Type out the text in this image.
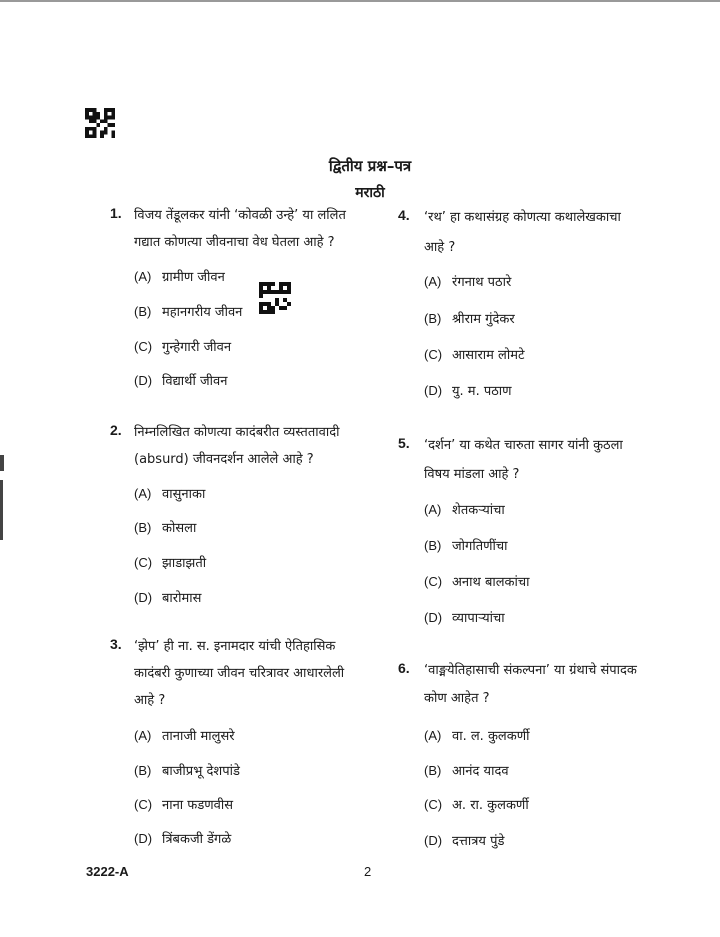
द्वितीय प्रश्न–पत्र
मराठी
1. विजय तेंडूलकर यांनी ‘कोवळी उन्हे’ या ललित
गद्यात कोणत्या जीवनाचा वेध घेतला आहे ?
(A) ग्रामीण जीवन
(B) महानगरीय जीवन
(C) गुन्हेगारी जीवन
(D) विद्यार्थी जीवन
2. निम्नलिखित कोणत्या कादंबरीत व्यस्ततावादी
(absurd) जीवनदर्शन आलेले आहे ?
(A) वासुनाका
(B) कोसला
(C) झाडाझती
(D) बारोमास
3. ‘झेप’ ही ना. स. इनामदार यांची ऐतिहासिक
कादंबरी कुणाच्या जीवन चरित्रावर आधारलेली
आहे ?
(A) तानाजी मालुसरे
(B) बाजीप्रभू देशपांडे
(C) नाना फडणवीस
(D) त्रिंबकजी डेंगळे
4. ‘रथ’ हा कथासंग्रह कोणत्या कथालेखकाचा
आहे ?
(A) रंगनाथ पठारे
(B) श्रीराम गुंदेकर
(C) आसाराम लोमटे
(D) यु. म. पठाण
5. ‘दर्शन’ या कथेत चारुता सागर यांनी कुठला
विषय मांडला आहे ?
(A) शेतकऱ्यांचा
(B) जोगतिणींचा
(C) अनाथ बालकांचा
(D) व्यापाऱ्यांचा
6. ‘वाङ्मयेतिहासाची संकल्पना’ या ग्रंथाचे संपादक
कोण आहेत ?
(A) वा. ल. कुलकर्णी
(B) आनंद यादव
(C) अ. रा. कुलकर्णी
(D) दत्तात्रय पुंडे
3222-A	2
